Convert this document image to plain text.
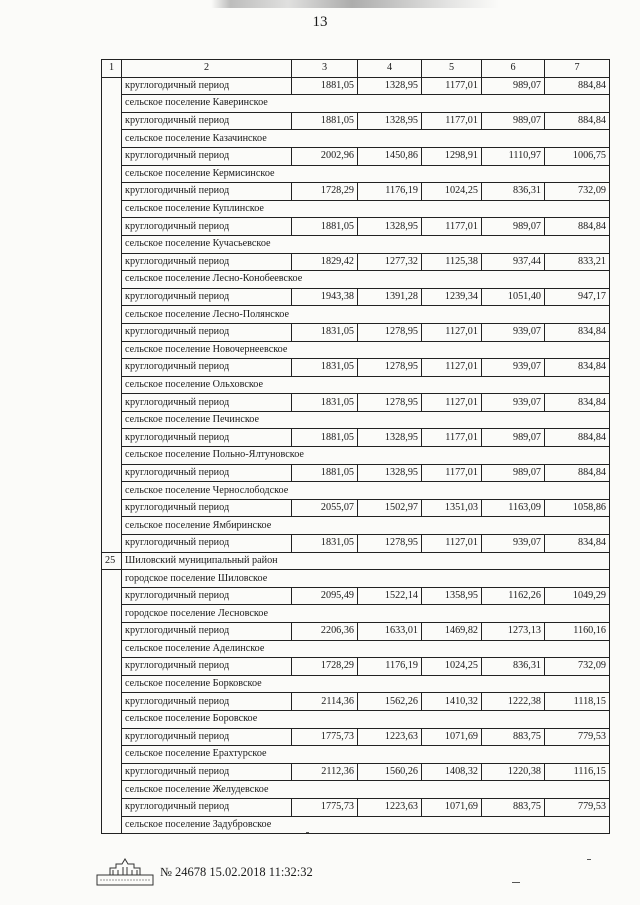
13
1	2	3	4	5	6	7
	круглогодичный период	1881,05	1328,95	1177,01	989,07	884,84
	сельское поселение Каверинское					
	круглогодичный период	1881,05	1328,95	1177,01	989,07	884,84
	сельское поселение Казачинское					
	круглогодичный период	2002,96	1450,86	1298,91	1110,97	1006,75
	сельское поселение Кермисинское					
	круглогодичный период	1728,29	1176,19	1024,25	836,31	732,09
	сельское поселение Куплинское					
	круглогодичный период	1881,05	1328,95	1177,01	989,07	884,84
	сельское поселение Кучасьевское					
	круглогодичный период	1829,42	1277,32	1125,38	937,44	833,21
	сельское поселение Лесно-Конобеевское					
	круглогодичный период	1943,38	1391,28	1239,34	1051,40	947,17
	сельское поселение Лесно-Полянское					
	круглогодичный период	1831,05	1278,95	1127,01	939,07	834,84
	сельское поселение Новочернеевское					
	круглогодичный период	1831,05	1278,95	1127,01	939,07	834,84
	сельское поселение Ольховское					
	круглогодичный период	1831,05	1278,95	1127,01	939,07	834,84
	сельское поселение Печинское					
	круглогодичный период	1881,05	1328,95	1177,01	989,07	884,84
	сельское поселение Польно-Ялтуновское					
	круглогодичный период	1881,05	1328,95	1177,01	989,07	884,84
	сельское поселение Чернослободское					
	круглогодичный период	2055,07	1502,97	1351,03	1163,09	1058,86
	сельское поселение Ямбиринское					
	круглогодичный период	1831,05	1278,95	1127,01	939,07	834,84
25	Шиловский муниципальный район					
	городское поселение Шиловское					
	круглогодичный период	2095,49	1522,14	1358,95	1162,26	1049,29
	городское поселение Лесновское					
	круглогодичный период	2206,36	1633,01	1469,82	1273,13	1160,16
	сельское поселение Аделинское					
	круглогодичный период	1728,29	1176,19	1024,25	836,31	732,09
	сельское поселение Борковское					
	круглогодичный период	2114,36	1562,26	1410,32	1222,38	1118,15
	сельское поселение Боровское					
	круглогодичный период	1775,73	1223,63	1071,69	883,75	779,53
	сельское поселение Ерахтурское					
	круглогодичный период	2112,36	1560,26	1408,32	1220,38	1116,15
	сельское поселение Желудевское					
	круглогодичный период	1775,73	1223,63	1071,69	883,75	779,53
	сельское поселение Задубровское					
№ 24678 15.02.2018 11:32:32
